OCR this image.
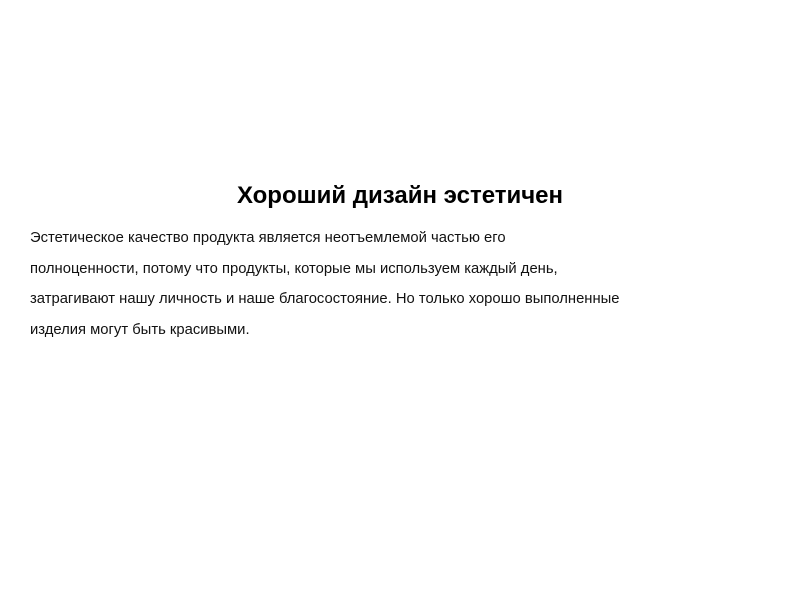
Хороший дизайн эстетичен

Эстетическое качество продукта является неотъемлемой частью его
полноценности, потому что продукты, которые мы используем каждый день,
затрагивают нашу личность и наше благосостояние. Но только хорошо выполненные
изделия могут быть красивыми.
